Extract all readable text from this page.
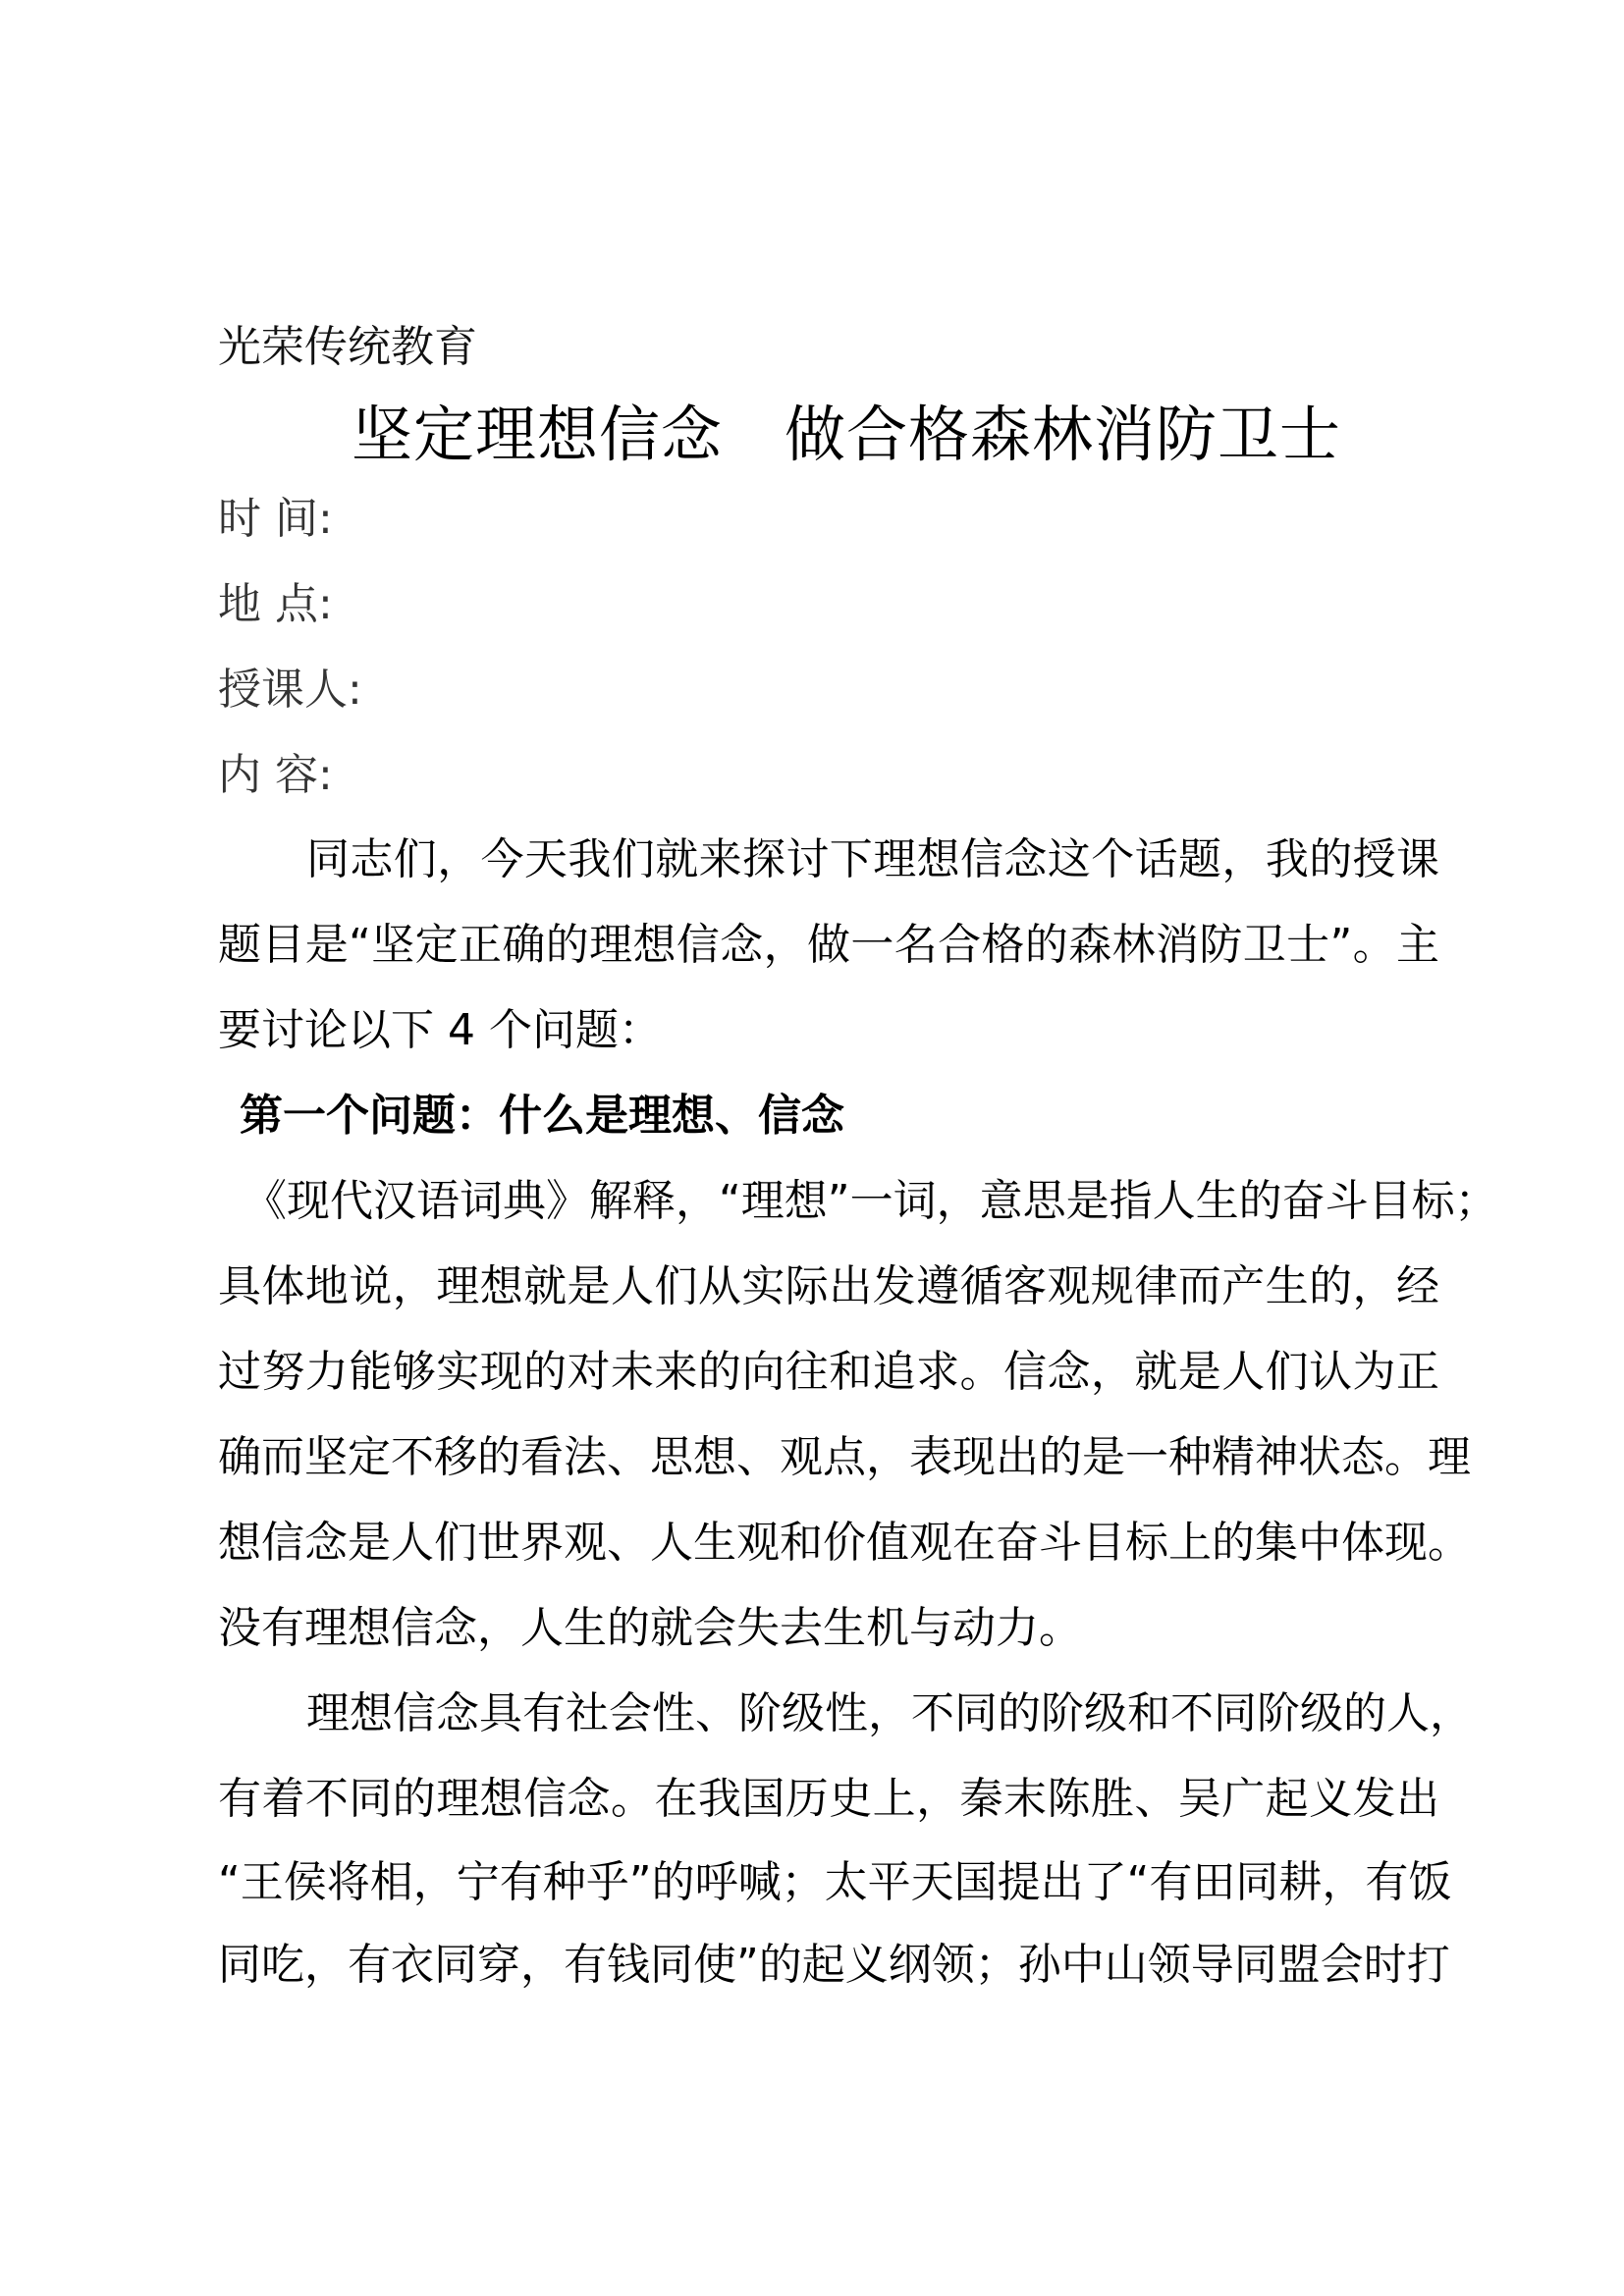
光荣传统教育
坚定理想信念　做合格森林消防卫士
时 间:
地 点:
授课人:
内 容:
同志们，今天我们就来探讨下理想信念这个话题，我的授课
题目是“坚定正确的理想信念，做一名合格的森林消防卫士”。主
要讨论以下 4 个问题：
第一个问题：什么是理想、信念
《现代汉语词典》解释，“理想”一词，意思是指人生的奋斗目标；
具体地说，理想就是人们从实际出发遵循客观规律而产生的，经
过努力能够实现的对未来的向往和追求。信念，就是人们认为正
确而坚定不移的看法、思想、观点，表现出的是一种精神状态。理
想信念是人们世界观、人生观和价值观在奋斗目标上的集中体现。
没有理想信念，人生的就会失去生机与动力。
理想信念具有社会性、阶级性，不同的阶级和不同阶级的人，
有着不同的理想信念。在我国历史上，秦末陈胜、吴广起义发出
“王侯将相，宁有种乎”的呼喊；太平天国提出了“有田同耕，有饭
同吃，有衣同穿，有钱同使”的起义纲领；孙中山领导同盟会时打
